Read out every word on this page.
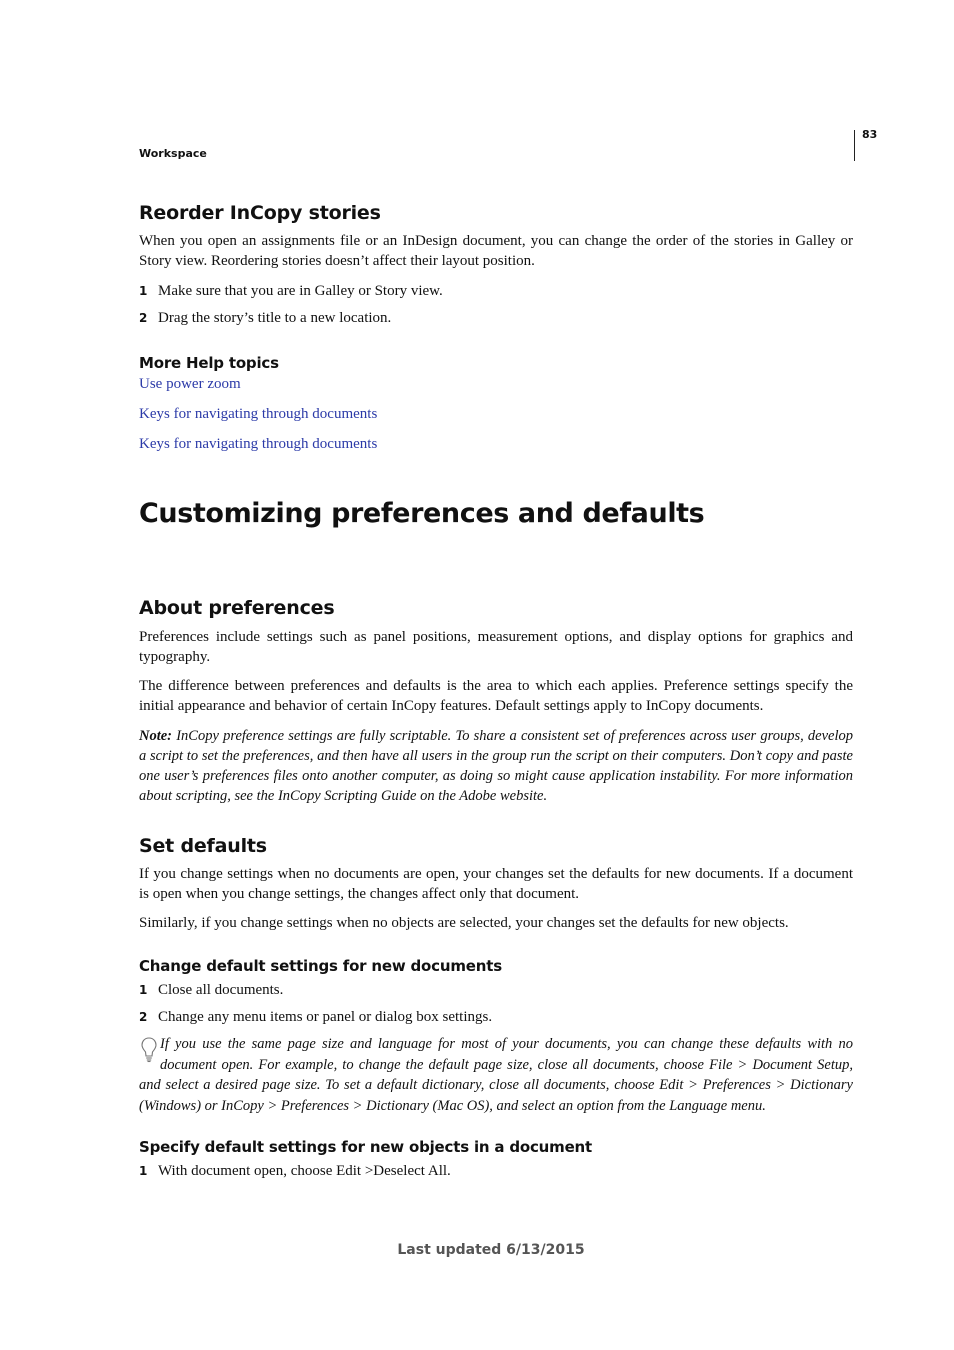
83
Workspace
Reorder InCopy stories
When you open an assignments file or an InDesign document, you can change the order of the stories in Galley or Story view. Reordering stories doesn’t affect their layout position.
1 Make sure that you are in Galley or Story view.
2 Drag the story’s title to a new location.
More Help topics
Use power zoom
Keys for navigating through documents
Keys for navigating through documents
Customizing preferences and defaults
About preferences
Preferences include settings such as panel positions, measurement options, and display options for graphics and typography.
The difference between preferences and defaults is the area to which each applies. Preference settings specify the initial appearance and behavior of certain InCopy features. Default settings apply to InCopy documents.
Note: InCopy preference settings are fully scriptable. To share a consistent set of preferences across user groups, develop a script to set the preferences, and then have all users in the group run the script on their computers. Don’t copy and paste one user’s preferences files onto another computer, as doing so might cause application instability. For more information about scripting, see the InCopy Scripting Guide on the Adobe website.
Set defaults
If you change settings when no documents are open, your changes set the defaults for new documents. If a document is open when you change settings, the changes affect only that document.
Similarly, if you change settings when no objects are selected, your changes set the defaults for new objects.
Change default settings for new documents
1 Close all documents.
2 Change any menu items or panel or dialog box settings.
If you use the same page size and language for most of your documents, you can change these defaults with no document open. For example, to change the default page size, close all documents, choose File > Document Setup, and select a desired page size. To set a default dictionary, close all documents, choose Edit > Preferences > Dictionary (Windows) or InCopy > Preferences > Dictionary (Mac OS), and select an option from the Language menu.
Specify default settings for new objects in a document
1 With document open, choose Edit >Deselect All.
Last updated 6/13/2015
